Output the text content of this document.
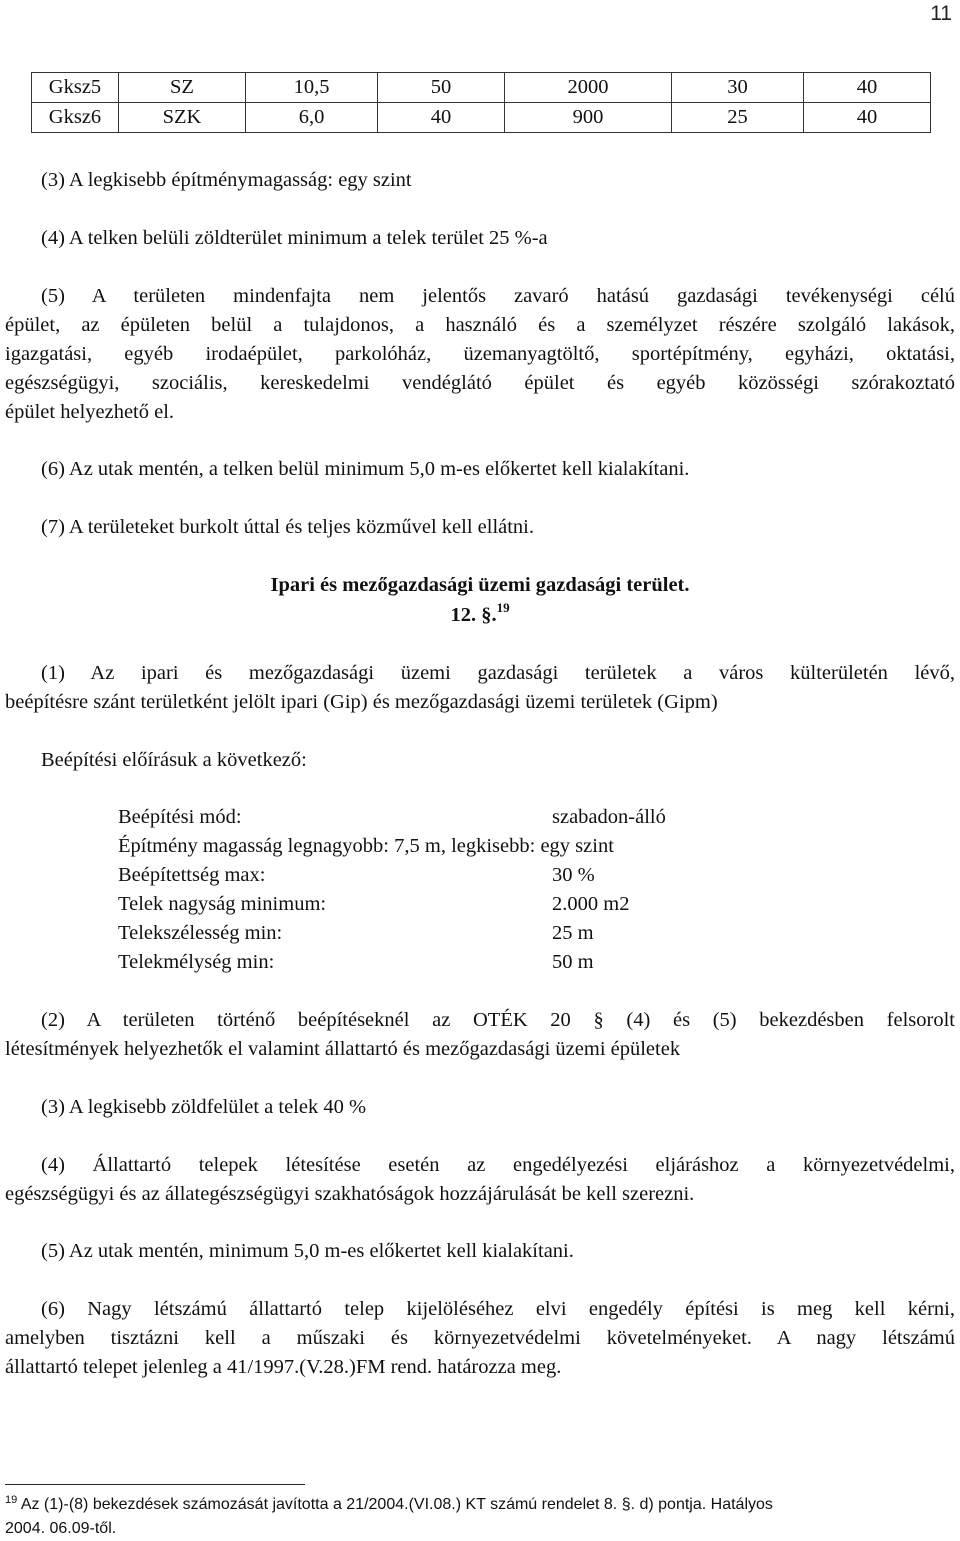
11
Gksz5	SZ	10,5	50	2000	30	40
Gksz6	SZK	6,0	40	900	25	40
(3) A legkisebb építménymagasság: egy szint
(4) A telken belüli zöldterület minimum a telek terület 25 %-a
(5) A területen mindenfajta nem jelentős zavaró hatású gazdasági tevékenységi célú
épület, az épületen belül a tulajdonos, a használó és a személyzet részére szolgáló lakások,
igazgatási, egyéb irodaépület, parkolóház, üzemanyagtöltő, sportépítmény, egyházi, oktatási,
egészségügyi, szociális, kereskedelmi vendéglátó épület és egyéb közösségi szórakoztató
épület helyezhető el.
(6) Az utak mentén, a telken belül minimum 5,0 m-es előkertet kell kialakítani.
(7) A területeket burkolt úttal és teljes közművel kell ellátni.
Ipari és mezőgazdasági üzemi gazdasági terület.
12. §.$^{19}$
(1) Az ipari és mezőgazdasági üzemi gazdasági területek a város külterületén lévő,
beépítésre szánt területként jelölt ipari (Gip) és mezőgazdasági üzemi területek (Gipm)
Beépítési előírásuk a következő:
Beépítési mód:	szabadon-álló
Építmény magasság legnagyobb: 7,5 m, legkisebb: egy szint
Beépítettség max:	30 %
Telek nagyság minimum:	2.000 m2
Telekszélesség min:	25 m
Telekmélység min:	50 m
(2) A területen történő beépítéseknél az OTÉK 20 § (4) és (5) bekezdésben felsorolt
létesítmények helyezhetők el valamint állattartó és mezőgazdasági üzemi épületek
(3) A legkisebb zöldfelület a telek 40 %
(4) Állattartó telepek létesítése esetén az engedélyezési eljáráshoz a környezetvédelmi,
egészségügyi és az állategészségügyi szakhatóságok hozzájárulását be kell szerezni.
(5) Az utak mentén, minimum 5,0 m-es előkertet kell kialakítani.
(6) Nagy létszámú állattartó telep kijelöléséhez elvi engedély építési is meg kell kérni,
amelyben tisztázni kell a műszaki és környezetvédelmi követelményeket. A nagy létszámú
állattartó telepet jelenleg a 41/1997.(V.28.)FM rend. határozza meg.
$^{19}$ Az (1)-(8) bekezdések számozását javította a 21/2004.(VI.08.) KT számú rendelet 8. §. d) pontja. Hatályos
2004. 06.09-től.
